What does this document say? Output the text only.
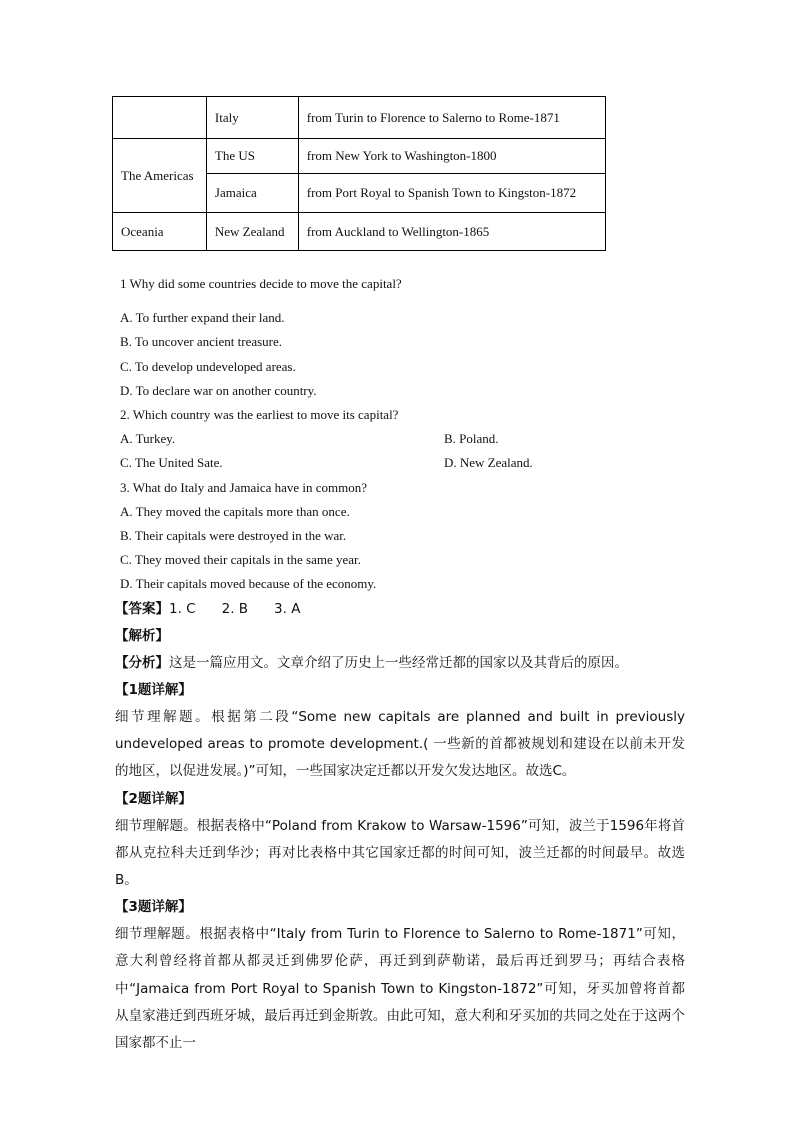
	Italy	from Turin to Florence to Salerno to Rome-1871
The Americas	The US	from New York to Washington-1800
	Jamaica	from Port Royal to Spanish Town to Kingston-1872
Oceania	New Zealand	from Auckland to Wellington-1865
1 Why did some countries decide to move the capital?
A. To further expand their land.
B. To uncover ancient treasure.
C. To develop undeveloped areas.
D. To declare war on another country.
2. Which country was the earliest to move its capital?
A. Turkey.	B. Poland.
C. The United Sate.	D. New Zealand.
3. What do Italy and Jamaica have in common?
A. They moved the capitals more than once.
B. Their capitals were destroyed in the war.
C. They moved their capitals in the same year.
D. Their capitals moved because of the economy.
【答案】1. C 2. B 3. A
【解析】
【分析】这是一篇应用文。文章介绍了历史上一些经常迁都的国家以及其背后的原因。
【1题详解】
细节理解题。根据第二段“Some new capitals are planned and built in previously undeveloped areas to promote development.( 一些新的首都被规划和建设在以前未开发的地区，以促进发展。)”可知，一些国家决定迁都以开发欠发达地区。故选C。
【2题详解】
细节理解题。根据表格中“Poland from Krakow to Warsaw-1596”可知，波兰于1596年将首都从克拉科夫迁到华沙；再对比表格中其它国家迁都的时间可知，波兰迁都的时间最早。故选B。
【3题详解】
细节理解题。根据表格中“Italy from Turin to Florence to Salerno to Rome-1871”可知，意大利曾经将首都从都灵迁到佛罗伦萨，再迁到到萨勒诺，最后再迁到罗马；再结合表格中“Jamaica from Port Royal to Spanish Town to Kingston-1872”可知，牙买加曾将首都从皇家港迁到西班牙城，最后再迁到金斯敦。由此可知，意大利和牙买加的共同之处在于这两个国家都不止一
